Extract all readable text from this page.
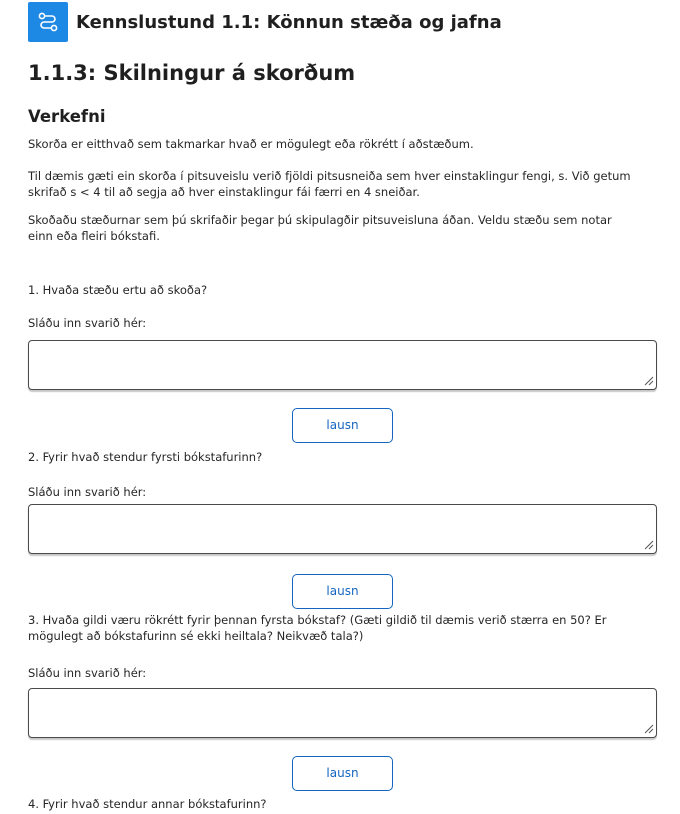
Kennslustund 1.1: Könnun stæða og jafna
1.1.3: Skilningur á skorðum
Verkefni
Skorða er eitthvað sem takmarkar hvað er mögulegt eða rökrétt í aðstæðum.
Til dæmis gæti ein skorða í pitsuveislu verið fjöldi pitsusneiða sem hver einstaklingur fengi, s. Við getum skrifað s < 4 til að segja að hver einstaklingur fái færri en 4 sneiðar.
Skoðaðu stæðurnar sem þú skrifaðir þegar þú skipulagðir pitsuveisluna áðan. Veldu stæðu sem notar einn eða fleiri bókstafi.
1. Hvaða stæðu ertu að skoða?
Sláðu inn svarið hér:
lausn
2. Fyrir hvað stendur fyrsti bókstafurinn?
Sláðu inn svarið hér:
lausn
3. Hvaða gildi væru rökrétt fyrir þennan fyrsta bókstaf? (Gæti gildið til dæmis verið stærra en 50? Er mögulegt að bókstafurinn sé ekki heiltala? Neikvæð tala?)
Sláðu inn svarið hér:
lausn
4. Fyrir hvað stendur annar bókstafurinn?
